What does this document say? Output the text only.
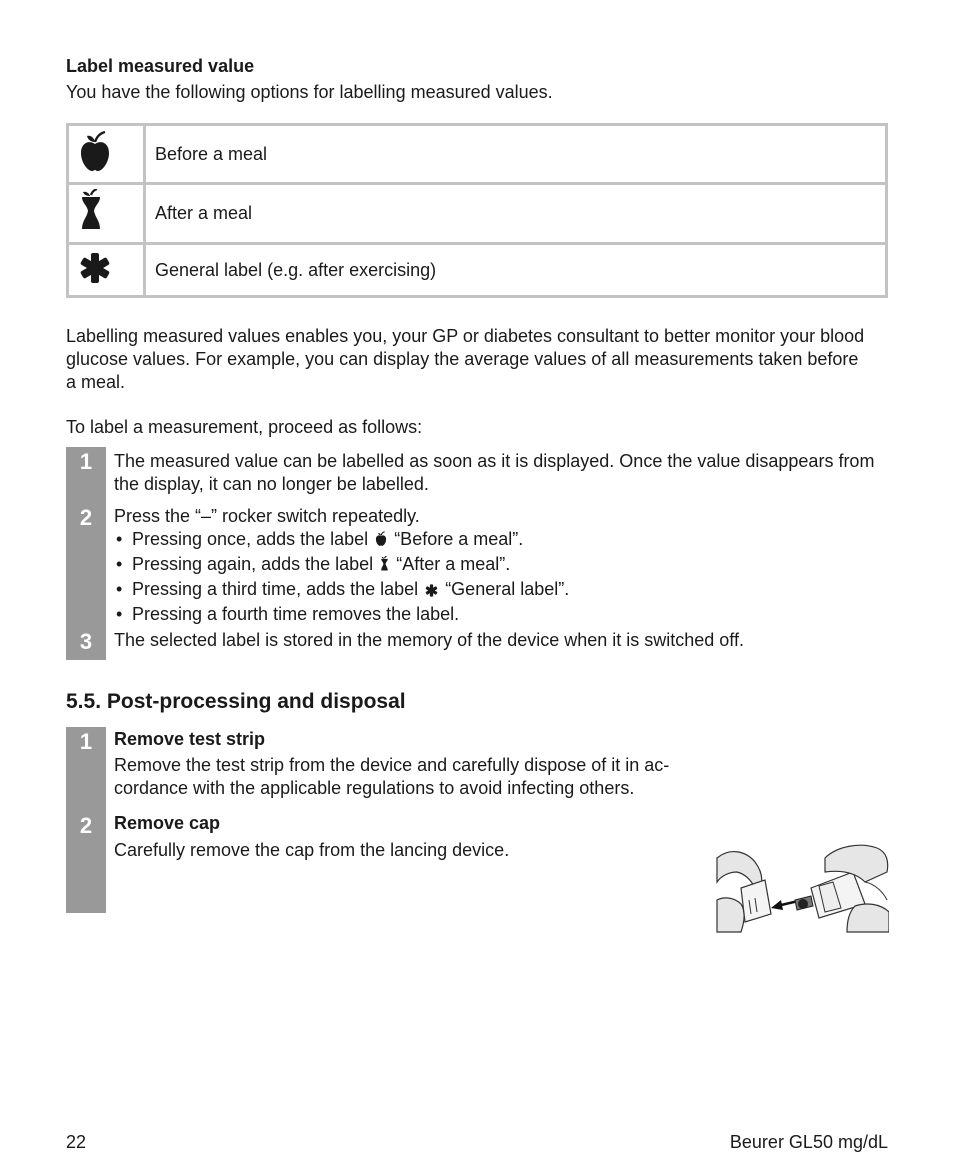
Label measured value
You have the following options for labelling measured values.
Before a meal
After a meal
General label (e.g. after exercising)
Labelling measured values enables you, your GP or diabetes consultant to better monitor your blood
glucose values. For example, you can display the average values of all measurements taken before
a meal.
To label a measurement, proceed as follows:
1
2
3
The measured value can be labelled as soon as it is displayed. Once the value disappears from
the display, it can no longer be labelled.
Press the “–” rocker switch repeatedly.
• Pressing once, adds the label “Before a meal”.
• Pressing again, adds the label “After a meal”.
• Pressing a third time, adds the label “General label”.
• Pressing a fourth time removes the label.
The selected label is stored in the memory of the device when it is switched off.
5.5. Post-processing and disposal
1
2
Remove test strip
Remove the test strip from the device and carefully dispose of it in ac-
cordance with the applicable regulations to avoid infecting others.
Remove cap
Carefully remove the cap from the lancing device.
22	Beurer GL50 mg/dL
